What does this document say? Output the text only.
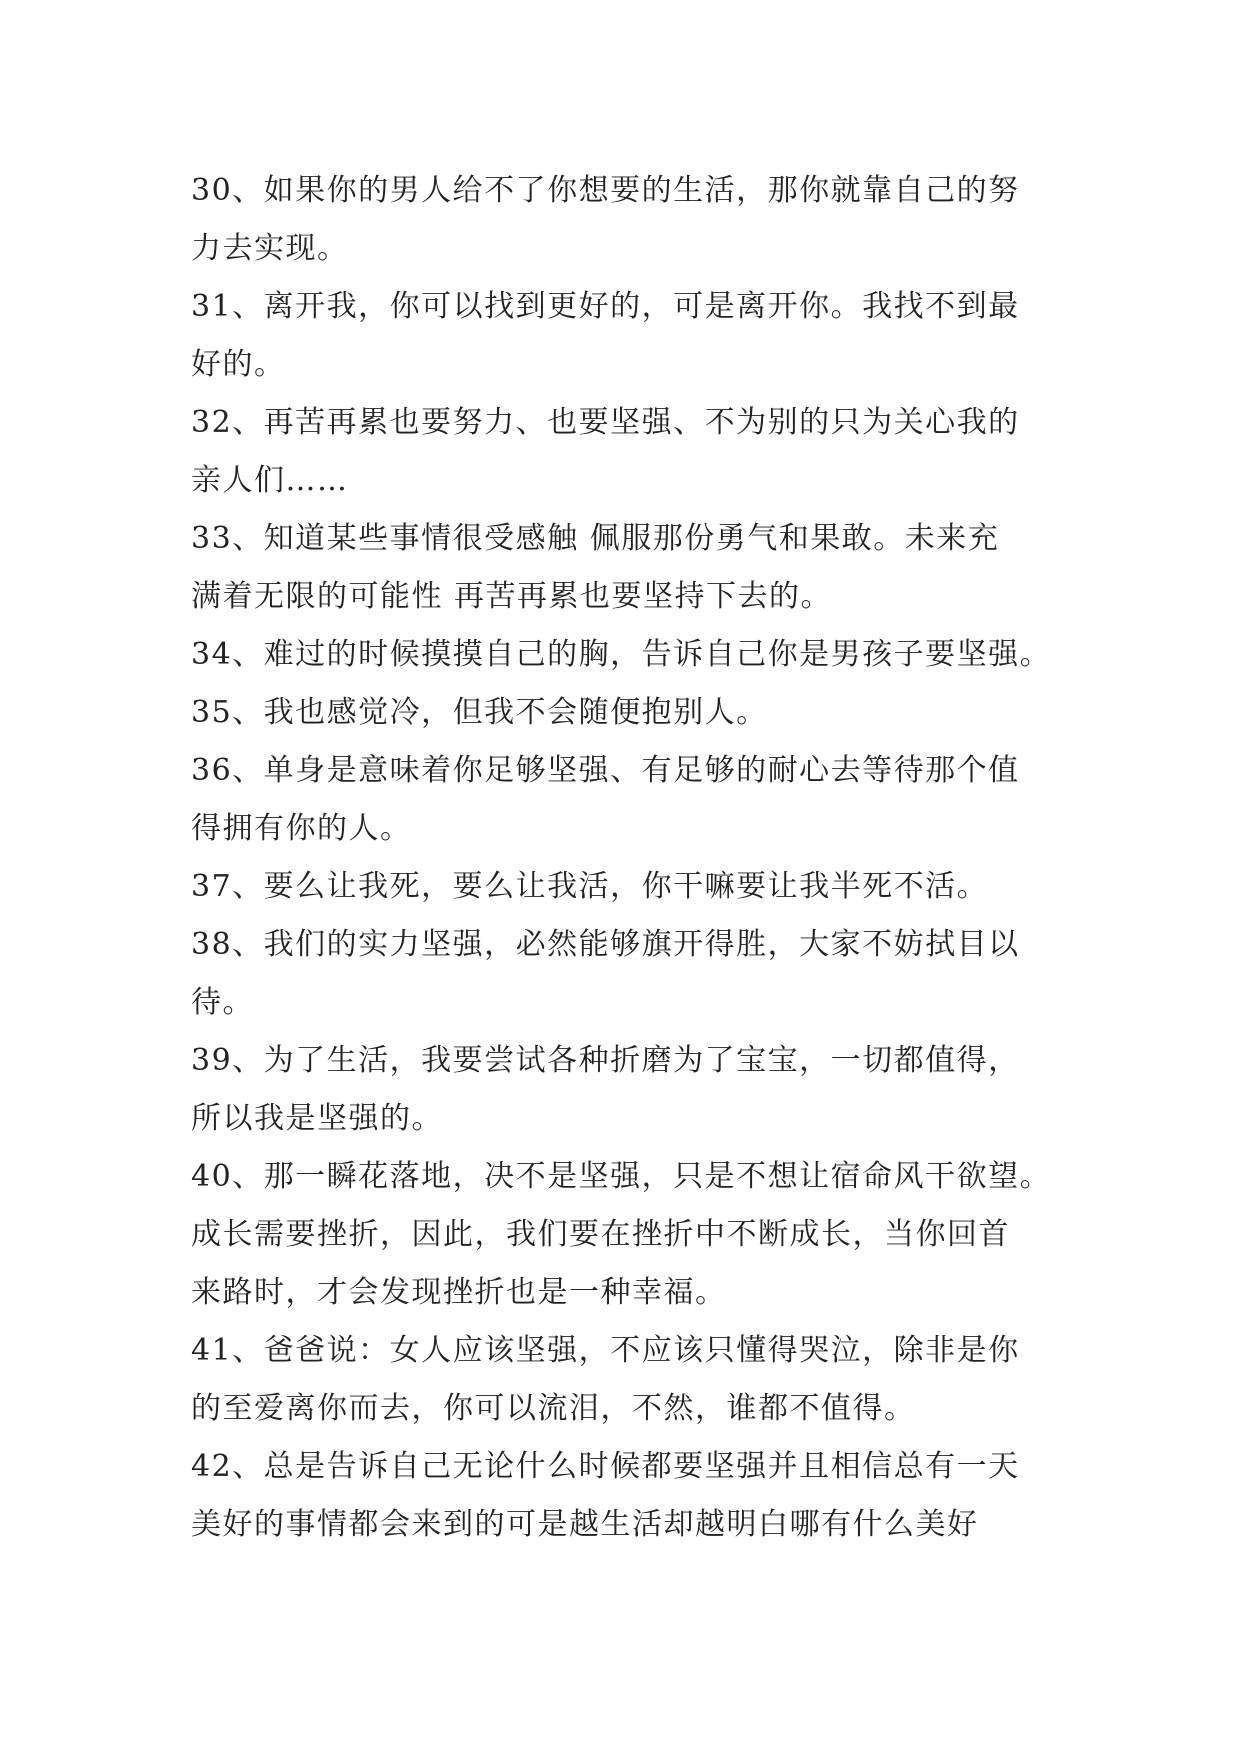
30、如果你的男人给不了你想要的生活，那你就靠自己的努
力去实现。
31、离开我，你可以找到更好的，可是离开你。我找不到最
好的。
32、再苦再累也要努力、也要坚强、不为别的只为关心我的
亲人们……
33、知道某些事情很受感触 佩服那份勇气和果敢。未来充
满着无限的可能性 再苦再累也要坚持下去的。
34、难过的时候摸摸自己的胸，告诉自己你是男孩子要坚强。
35、我也感觉冷，但我不会随便抱别人。
36、单身是意味着你足够坚强、有足够的耐心去等待那个值
得拥有你的人。
37、要么让我死，要么让我活，你干嘛要让我半死不活。
38、我们的实力坚强，必然能够旗开得胜，大家不妨拭目以
待。
39、为了生活，我要尝试各种折磨为了宝宝，一切都值得，
所以我是坚强的。
40、那一瞬花落地，决不是坚强，只是不想让宿命风干欲望。
成长需要挫折，因此，我们要在挫折中不断成长，当你回首
来路时，才会发现挫折也是一种幸福。
41、爸爸说：女人应该坚强，不应该只懂得哭泣，除非是你
的至爱离你而去，你可以流泪，不然，谁都不值得。
42、总是告诉自己无论什么时候都要坚强并且相信总有一天
美好的事情都会来到的可是越生活却越明白哪有什么美好
